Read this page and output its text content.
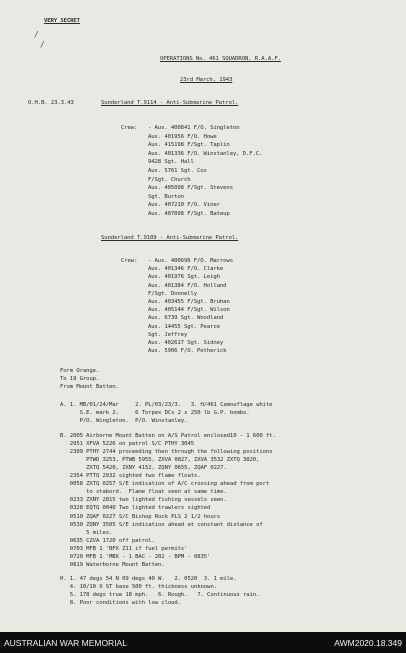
VERY SECRET
/
/
OPERATIONS No. 461 SQUADRON, R.A.A.F.
23rd March, 1943
O.H.B. 23.3.43	Sunderland T.9114 - Anti-Submarine Patrol.
Crew: - Aus. 400841 F/O. Singleton
Aus. 401956 F/O. Howe
Aus. 415198 F/Sgt. Taplin
Aus. 401336 F/O. Winstanley, D.F.C.
9428 Sgt. Hall
Aus. 5761 Sgt. Cox
F/Sgt. Church
Aus. 405098 F/Sgt. Stevens
Sgt. Burton
Aus. 407210 F/O. Viner
Aus. 407098 F/Sgt. Bateup
Sunderland T.9109 - Anti-Submarine Patrol.
Crew: - Aus. 400696 F/O. Marrows
Aus. 401346 F/O. Clarke
Aus. 401976 Sgt. Leigh
Aus. 401384 F/O. Holland
F/Sgt. Donnelly
Aus. 403455 F/Sgt. Bruhan
Aus. 405144 F/Sgt. Wilson
Aus. 6739 Sgt. Woodland
Aus. 14455 Sgt. Pearce
Sgt. Jeffrey
Aus. 402617 Sgt. Sidney
Aus. 5906 F/O. Petherick
Form Orange.
To 19 Group.
From Mount Batten.
A. 1. MB/01/24/Mar     2. PL/03/23/3.   3. H/461 Camouflage white
S.E. mark 2.     6 Torpex DCs 2 x 250 lb G.P. bombs.
P/O. Wingleton.  P/O. Winstanley.
B. 2005 Airborne Mount Batten on A/S Patrol enclosed10 - 1 600 ft.
2051 XFVA 5226 on patrol S/C PTHY 3045
2309 PTHY 2744 proceeding then through the following positions
PTWD 3253, PTWB 5955, ZXVA 0827, ZXVA 3532 ZXTQ 3820,
ZXTQ 5420, ZXNY 4152, ZQNY 0655, ZQAF 0227.
2354 PTTQ 2932 sighted two flame floats.
0058 ZXTQ 0257 S/E indication of A/C crossing ahead from port
to stabord.  Flame float seen at same time.
0233 ZXNY 2815 two lighted fishing vessels seen.
0328 EQTQ 0040 Two lighted trawlers sighted
0510 ZQAF 0227 S/C Bishop Rock PLS 2 1/2 hours
0530 ZQNY 3505 S/E indication ahead at constant distance of
5 miles.
0635 CZVA 1720 off patrol.
0703 MFB 1 'BFX Z11 if fuel permits'
0720 MFB 1 'MBX - 1 BAC - 202 - BPM - 0835'
0819 Waterborne Mount Batten.
H. 1. 47 degs 54 N 09 degs 40 W.   2. 0520  3. 1 mile.
4. 10/10 X ST base 500 ft. thickness unknown.
5. 178 degs true 18 mph.   6. Rough.   7. Continuous rain.
8. Poor conditions with low cloud.
AUSTRALIAN WAR MEMORIAL	AWM2020.18.349
